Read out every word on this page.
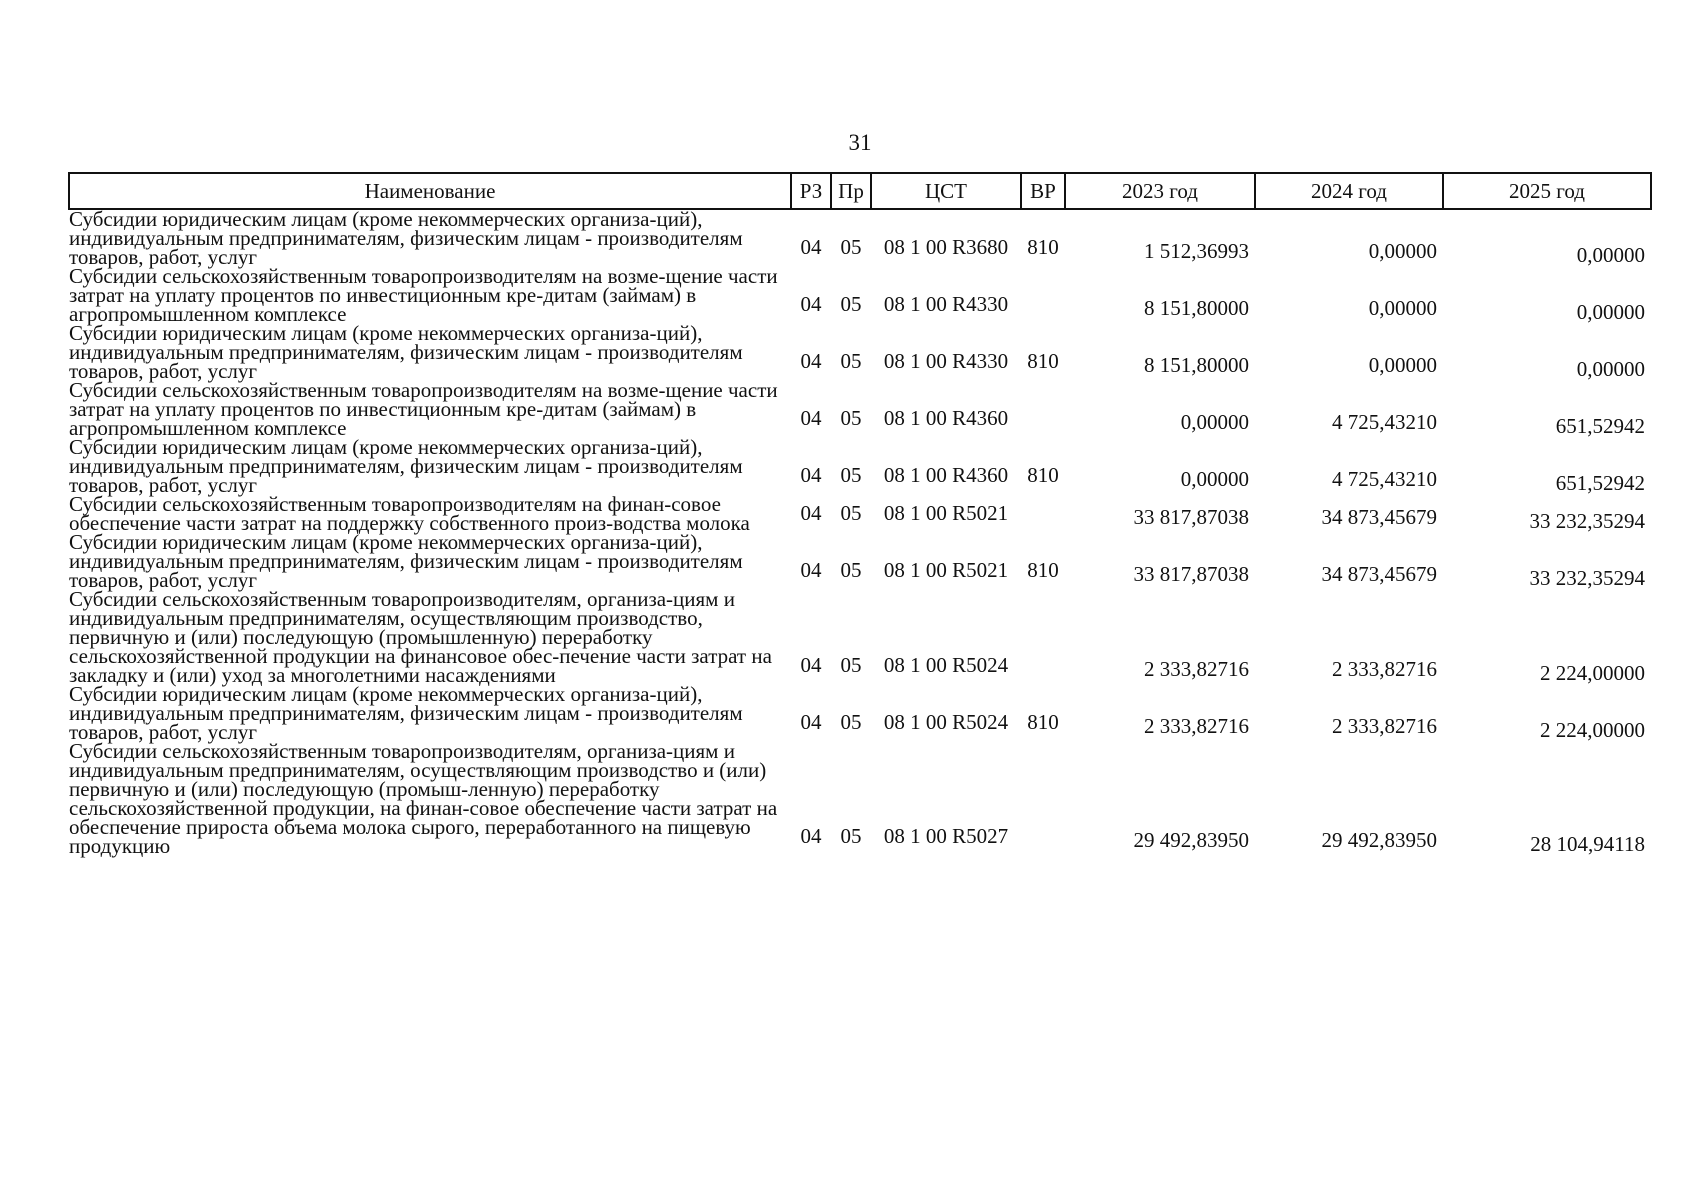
31
Наименование	РЗ	Пр	ЦСТ	ВР	2023 год	2024 год	2025 год
Субсидии юридическим лицам (кроме некоммерческих организа-ций), индивидуальным предпринимателям, физическим лицам - производителям товаров, работ, услуг	04	05	08 1 00 R3680	810	1 512,36993	0,00000	0,00000
Субсидии сельскохозяйственным товаропроизводителям на возме-щение части затрат на уплату процентов по инвестиционным кре-дитам (займам) в агропромышленном комплексе	04	05	08 1 00 R4330		8 151,80000	0,00000	0,00000
Субсидии юридическим лицам (кроме некоммерческих организа-ций), индивидуальным предпринимателям, физическим лицам - производителям товаров, работ, услуг	04	05	08 1 00 R4330	810	8 151,80000	0,00000	0,00000
Субсидии сельскохозяйственным товаропроизводителям на возме-щение части затрат на уплату процентов по инвестиционным кре-дитам (займам) в агропромышленном комплексе	04	05	08 1 00 R4360		0,00000	4 725,43210	651,52942
Субсидии юридическим лицам (кроме некоммерческих организа-ций), индивидуальным предпринимателям, физическим лицам - производителям товаров, работ, услуг	04	05	08 1 00 R4360	810	0,00000	4 725,43210	651,52942
Субсидии сельскохозяйственным товаропроизводителям на финан-совое обеспечение части затрат на поддержку собственного произ-водства молока	04	05	08 1 00 R5021		33 817,87038	34 873,45679	33 232,35294
Субсидии юридическим лицам (кроме некоммерческих организа-ций), индивидуальным предпринимателям, физическим лицам - производителям товаров, работ, услуг	04	05	08 1 00 R5021	810	33 817,87038	34 873,45679	33 232,35294
Субсидии сельскохозяйственным товаропроизводителям, организа-циям и индивидуальным предпринимателям, осуществляющим производство, первичную и (или) последующую (промышленную) переработку сельскохозяйственной продукции на финансовое обес-печение части затрат на закладку и (или) уход за многолетними насаждениями	04	05	08 1 00 R5024		2 333,82716	2 333,82716	2 224,00000
Субсидии юридическим лицам (кроме некоммерческих организа-ций), индивидуальным предпринимателям, физическим лицам - производителям товаров, работ, услуг	04	05	08 1 00 R5024	810	2 333,82716	2 333,82716	2 224,00000
Субсидии сельскохозяйственным товаропроизводителям, организа-циям и индивидуальным предпринимателям, осуществляющим производство и (или) первичную и (или) последующую (промыш-ленную) переработку сельскохозяйственной продукции, на финан-совое обеспечение части затрат на обеспечение прироста объема молока сырого, переработанного на пищевую продукцию	04	05	08 1 00 R5027		29 492,83950	29 492,83950	28 104,94118
